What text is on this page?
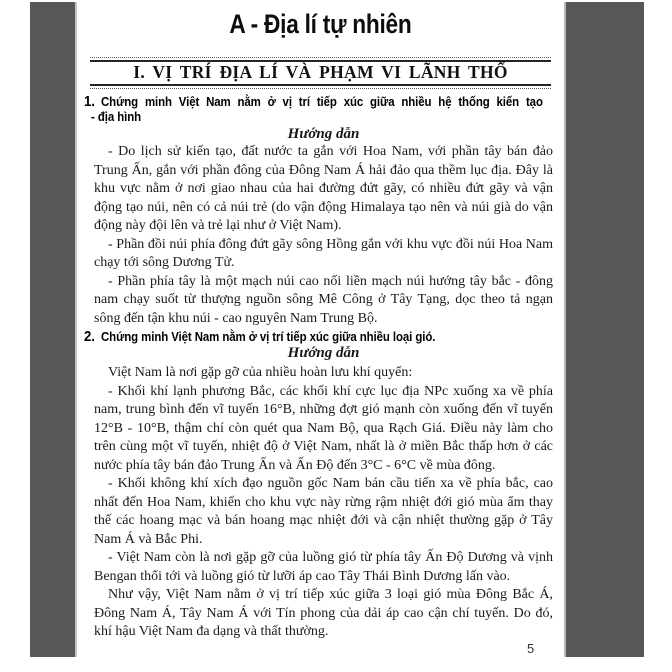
A - Địa lí tự nhiên
I. VỊ TRÍ ĐỊA LÍ VÀ PHẠM VI LÃNH THỔ
1. Chứng minh Việt Nam nằm ở vị trí tiếp xúc giữa nhiều hệ thống kiến tạo
- địa hình
Hướng dẫn

- Do lịch sử kiến tạo, đất nước ta gắn với Hoa Nam, với phần tây bán đảo Trung Ấn, gắn với phần đông của Đông Nam Á hải đảo qua thềm lục địa. Đây là khu vực nằm ở nơi giao nhau của hai đường đứt gãy, có nhiều đứt gãy và vận động tạo núi, nên có cả núi trẻ (do vận động Himalaya tạo nên và núi già do vận động này đội lên và trẻ lại như ở Việt Nam).

- Phần đồi núi phía đông đứt gãy sông Hồng gắn với khu vực đồi núi Hoa Nam chạy tới sông Dương Tử.

- Phần phía tây là một mạch núi cao nối liền mạch núi hướng tây bắc - đông nam chạy suốt từ thượng nguồn sông Mê Công ở Tây Tạng, dọc theo tả ngạn sông đến tận khu núi - cao nguyên Nam Trung Bộ.

2. Chứng minh Việt Nam nằm ở vị trí tiếp xúc giữa nhiều loại gió.
Hướng dẫn

Việt Nam là nơi gặp gỡ của nhiều hoàn lưu khí quyển:

- Khối khí lạnh phương Bắc, các khối khí cực lục địa NPc xuống xa về phía nam, trung bình đến vĩ tuyến 16°B, những đợt gió mạnh còn xuống đến vĩ tuyến 12°B - 10°B, thậm chí còn quét qua Nam Bộ, qua Rạch Giá. Điều này làm cho trên cùng một vĩ tuyến, nhiệt độ ở Việt Nam, nhất là ở miền Bắc thấp hơn ở các nước phía tây bán đảo Trung Ấn và Ấn Độ đến 3°C - 6°C về mùa đông.

- Khối không khí xích đạo nguồn gốc Nam bán cầu tiến xa về phía bắc, cao nhất đến Hoa Nam, khiến cho khu vực này rừng rậm nhiệt đới gió mùa ẩm thay thế các hoang mạc và bán hoang mạc nhiệt đới và cận nhiệt thường gặp ở Tây Nam Á và Bắc Phi.

- Việt Nam còn là nơi gặp gỡ của luồng gió từ phía tây Ấn Độ Dương và vịnh Bengan thổi tới và luồng gió từ lưỡi áp cao Tây Thái Bình Dương lấn vào.

Như vậy, Việt Nam nằm ở vị trí tiếp xúc giữa 3 loại gió mùa Đông Bắc Á, Đông Nam Á, Tây Nam Á với Tín phong của dải áp cao cận chí tuyến. Do đó, khí hậu Việt Nam đa dạng và thất thường.

5
